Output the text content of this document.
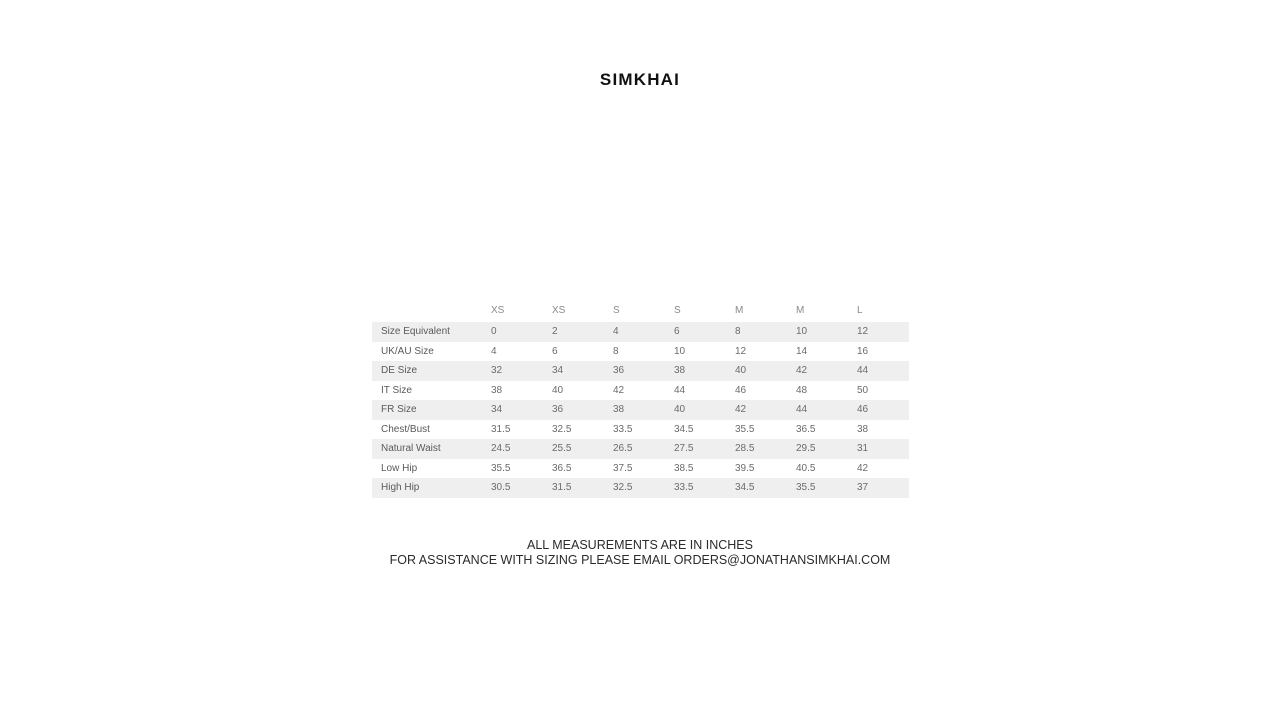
SIMKHAI
	XS	XS	S	S	M	M	L
Size Equivalent	0	2	4	6	8	10	12
UK/AU Size	4	6	8	10	12	14	16
DE Size	32	34	36	38	40	42	44
IT Size	38	40	42	44	46	48	50
FR Size	34	36	38	40	42	44	46
Chest/Bust	31.5	32.5	33.5	34.5	35.5	36.5	38
Natural Waist	24.5	25.5	26.5	27.5	28.5	29.5	31
Low Hip	35.5	36.5	37.5	38.5	39.5	40.5	42
High Hip	30.5	31.5	32.5	33.5	34.5	35.5	37
ALL MEASUREMENTS ARE IN INCHES
FOR ASSISTANCE WITH SIZING PLEASE EMAIL ORDERS@JONATHANSIMKHAI.COM
